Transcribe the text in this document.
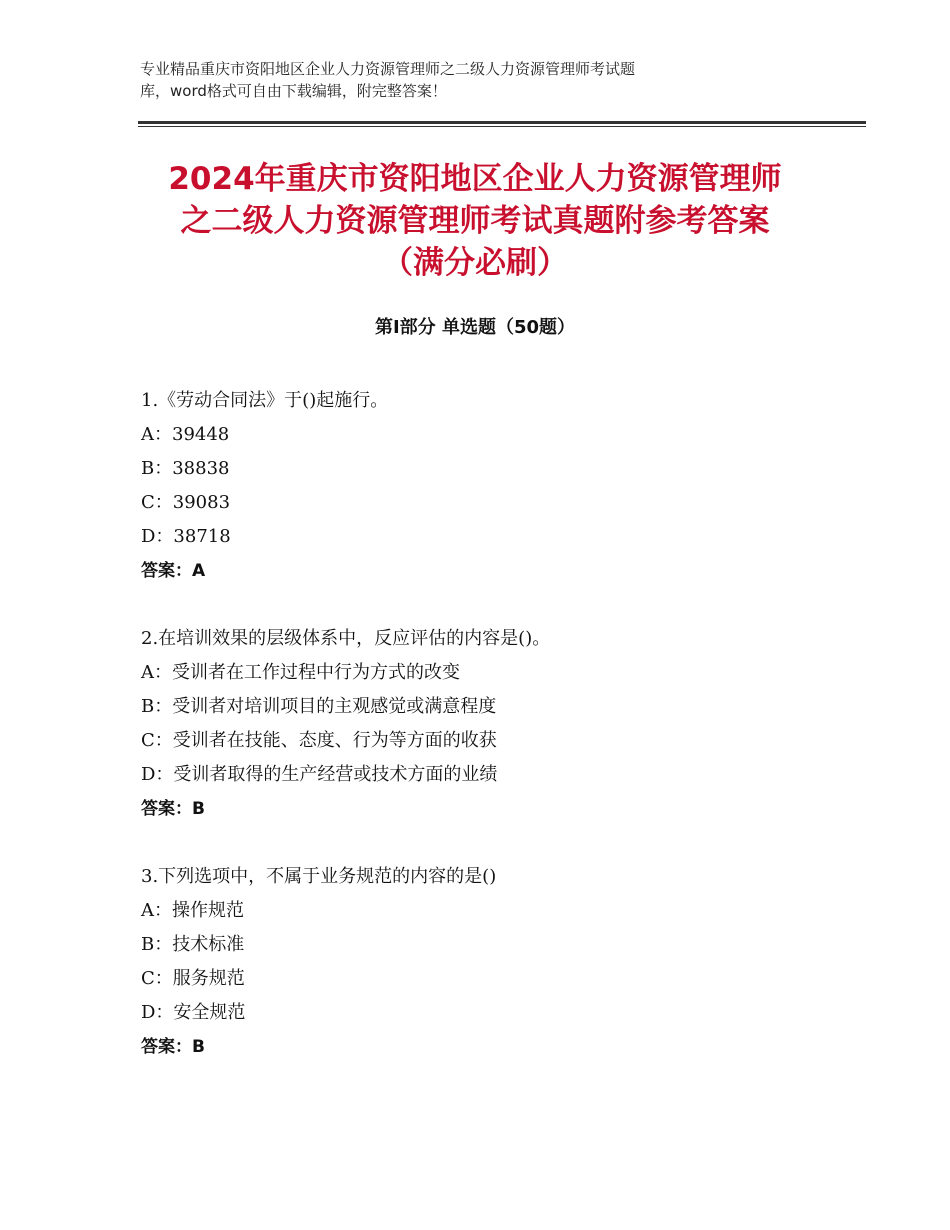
专业精品重庆市资阳地区企业人力资源管理师之二级人力资源管理师考试题
库，word格式可自由下载编辑，附完整答案！
2024年重庆市资阳地区企业人力资源管理师
之二级人力资源管理师考试真题附参考答案
（满分必刷）
第Ⅰ部分 单选题（50题）
1.《劳动合同法》于()起施行。
A：39448
B：38838
C：39083
D：38718
答案：A
2.在培训效果的层级体系中，反应评估的内容是()。
A：受训者在工作过程中行为方式的改变
B：受训者对培训项目的主观感觉或满意程度
C：受训者在技能、态度、行为等方面的收获
D：受训者取得的生产经营或技术方面的业绩
答案：B
3.下列选项中，不属于业务规范的内容的是()
A：操作规范
B：技术标准
C：服务规范
D：安全规范
答案：B
